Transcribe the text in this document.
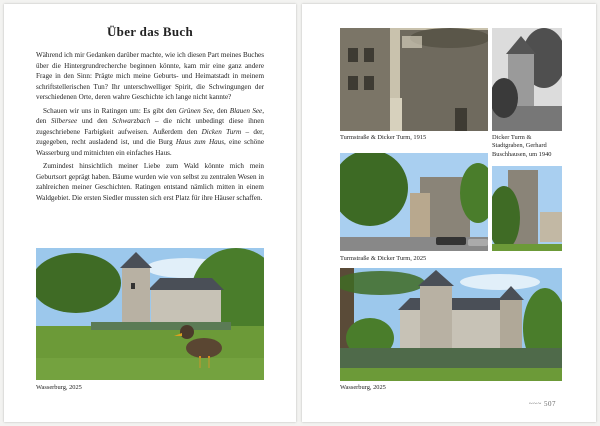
Über das Buch

Während ich mir Gedanken darüber machte, wie ich diesen Part meines Buches über die Hintergrundrecherche beginnen könnte, kam mir eine ganz andere Frage in den Sinn: Prägte mich meine Geburts- und Heimatstadt in meinem schriftstellerischen Tun? Ihr unterschwelliger Spirit, die Schwingungen der verschiedenen Orte, deren wahre Geschichte ich lange nicht kannte?

Schauen wir uns in Ratingen um: Es gibt den Grünen See, den Blauen See, den Silbersee und den Schwarzbach – die nicht unbedingt diese ihnen zugeschriebene Farbigkeit aufweisen. Außerdem den Dicken Turm – der, zugegeben, recht ausladend ist, und die Burg Haus zum Haus, eine schöne Wasserburg und mitnichten ein einfaches Haus.

Zumindest hinsichtlich meiner Liebe zum Wald könnte mich mein Geburtsort geprägt haben. Bäume wurden wie von selbst zu zentralen Wesen in zahlreichen meiner Geschichten. Ratingen entstand nämlich mitten in einem Waldgebiet. Die ersten Siedler mussten sich erst Platz für ihre Häuser schaffen.

Wasserburg, 2025
Turmstraße & Dicker Turm, 1915	Dicker Turm & Stadtgraben, Gerhard Buschhausen, um 1940
Turmstraße & Dicker Turm, 2025
Wasserburg, 2025
~~~ 507
